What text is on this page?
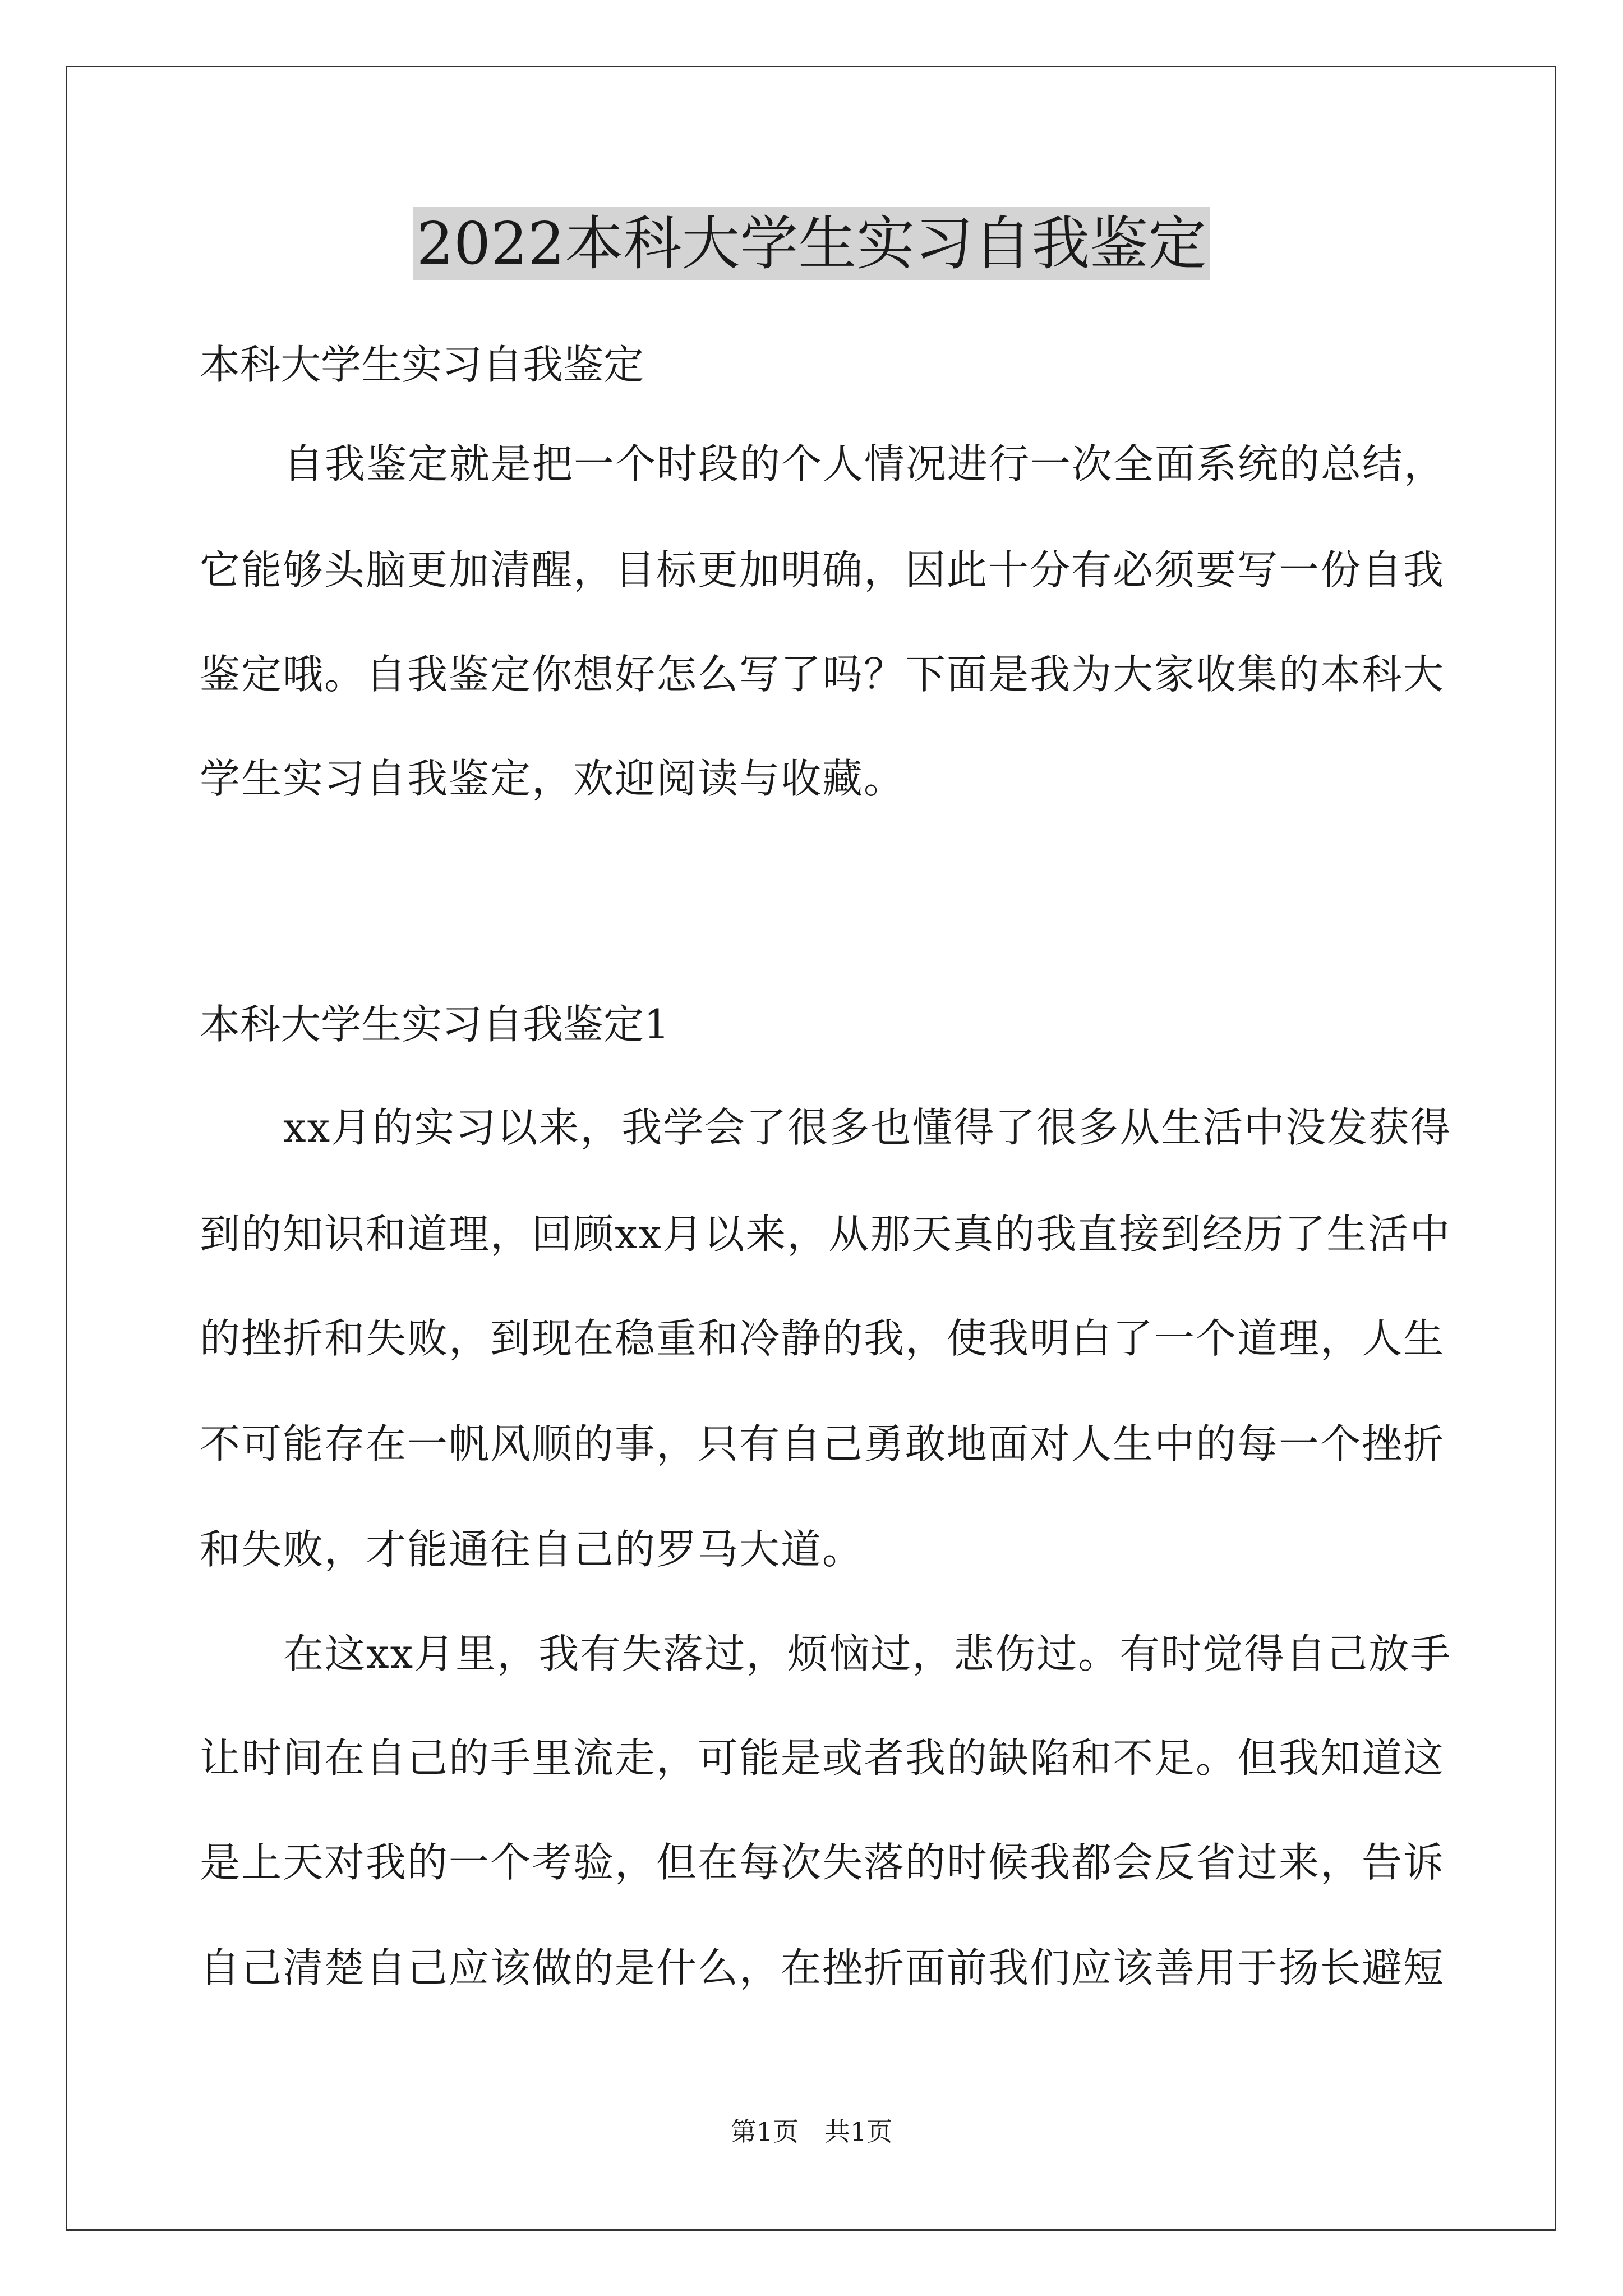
2022本科大学生实习自我鉴定
本科大学生实习自我鉴定
自我鉴定就是把一个时段的个人情况进行一次全面系统的总结，
它能够头脑更加清醒，目标更加明确，因此十分有必须要写一份自我
鉴定哦。自我鉴定你想好怎么写了吗？下面是我为大家收集的本科大
学生实习自我鉴定，欢迎阅读与收藏。
本科大学生实习自我鉴定1
xx月的实习以来，我学会了很多也懂得了很多从生活中没发获得
到的知识和道理，回顾xx月以来，从那天真的我直接到经历了生活中
的挫折和失败，到现在稳重和冷静的我，使我明白了一个道理，人生
不可能存在一帆风顺的事，只有自己勇敢地面对人生中的每一个挫折
和失败，才能通往自己的罗马大道。
在这xx月里，我有失落过，烦恼过，悲伤过。有时觉得自己放手
让时间在自己的手里流走，可能是或者我的缺陷和不足。但我知道这
是上天对我的一个考验，但在每次失落的时候我都会反省过来，告诉
自己清楚自己应该做的是什么，在挫折面前我们应该善用于扬长避短
第1页　共1页
